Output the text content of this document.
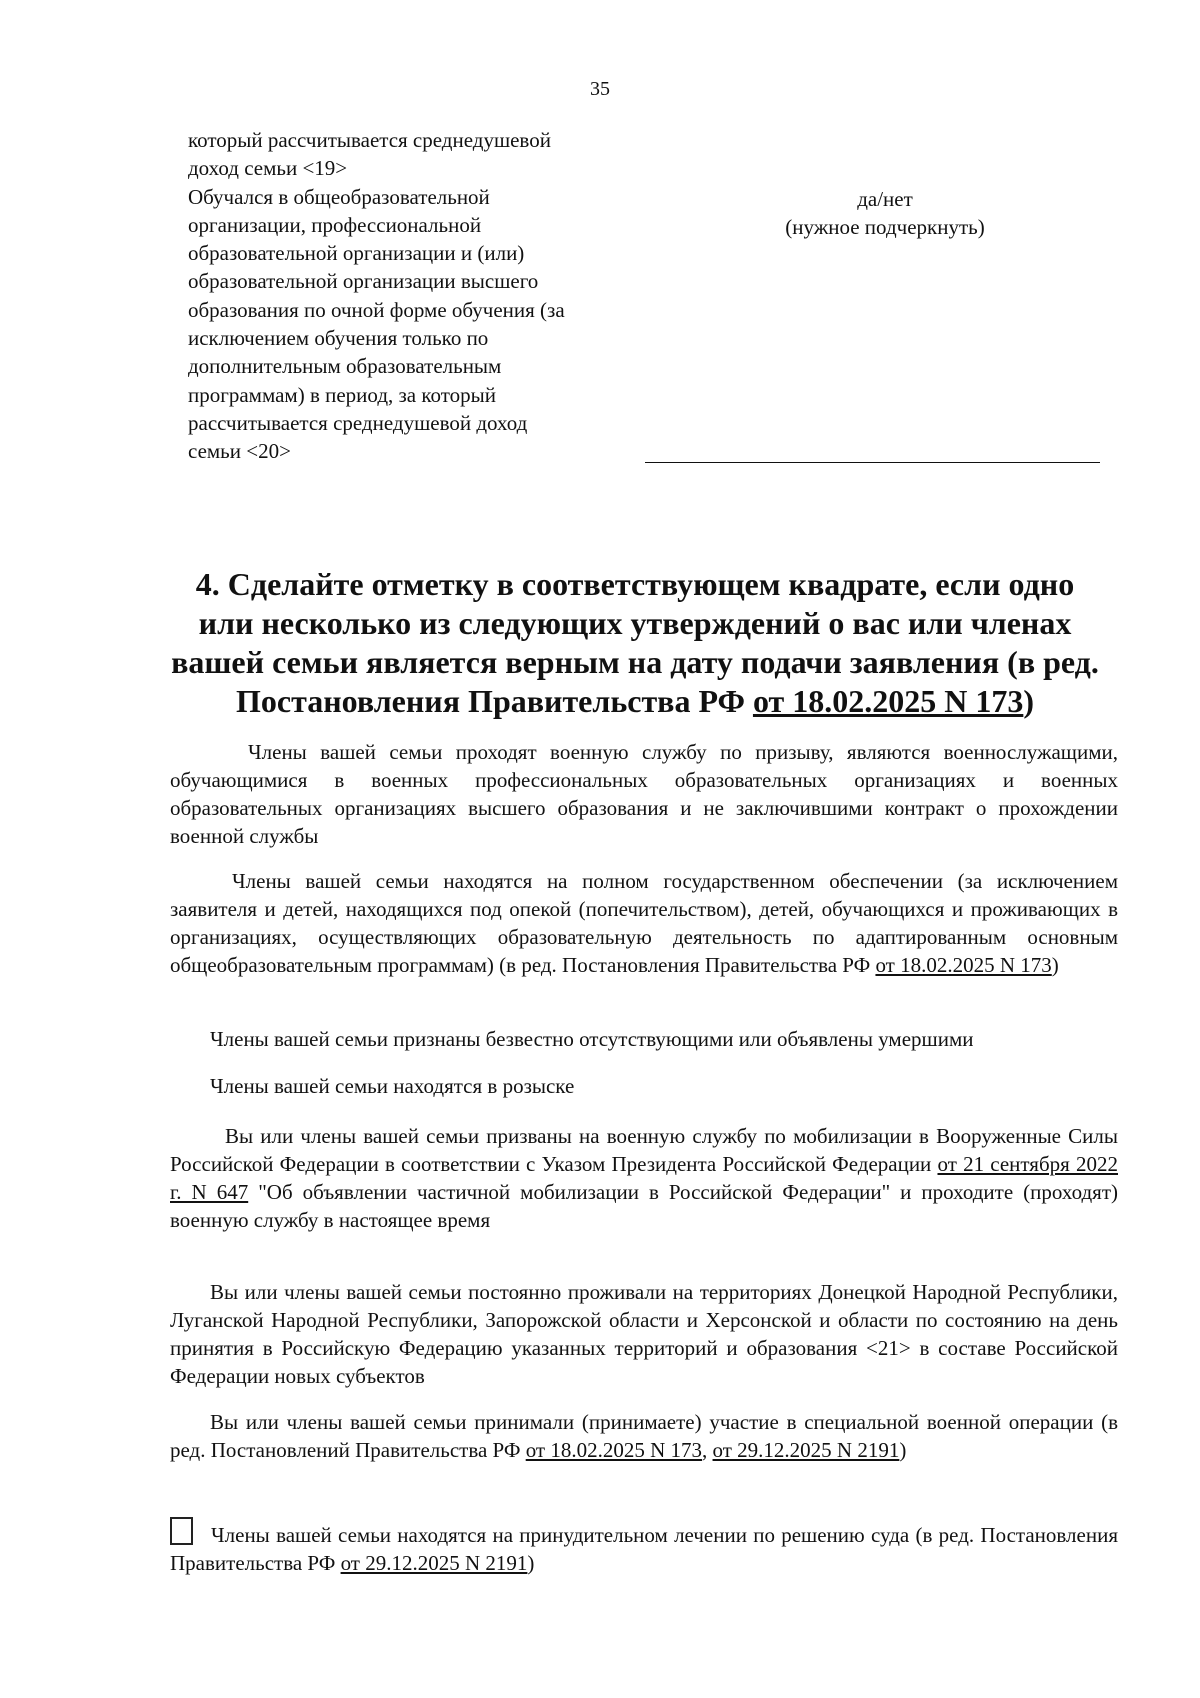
35
который рассчитывается среднедушевой
доход семьи <19>
Обучался в общеобразовательной
организации, профессиональной
образовательной организации и (или)
образовательной организации высшего
образования по очной форме обучения (за
исключением обучения только по
дополнительным образовательным
программам) в период, за который
рассчитывается среднедушевой доход
семьи <20>
да/нет
(нужное подчеркнуть)
4. Сделайте отметку в соответствующем квадрате, если одно
или несколько из следующих утверждений о вас или членах
вашей семьи является верным на дату подачи заявления (в ред.
Постановления Правительства РФ от 18.02.2025 N 173)
Члены вашей семьи проходят военную службу по призыву, являются военнослужащими, обучающимися в военных профессиональных образовательных организациях и военных образовательных организациях высшего образования и не заключившими контракт о прохождении военной службы
Члены вашей семьи находятся на полном государственном обеспечении (за исключением заявителя и детей, находящихся под опекой (попечительством), детей, обучающихся и проживающих в организациях, осуществляющих образовательную деятельность по адаптированным основным общеобразовательным программам) (в ред. Постановления Правительства РФ от 18.02.2025 N 173)
Члены вашей семьи признаны безвестно отсутствующими или объявлены умершими
Члены вашей семьи находятся в розыске
Вы или члены вашей семьи призваны на военную службу по мобилизации в Вооруженные Силы Российской Федерации в соответствии с Указом Президента Российской Федерации от 21 сентября 2022 г. N 647 "Об объявлении частичной мобилизации в Российской Федерации" и проходите (проходят) военную службу в настоящее время
Вы или члены вашей семьи постоянно проживали на территориях Донецкой Народной Республики, Луганской Народной Республики, Запорожской области и Херсонской и области по состоянию на день принятия в Российскую Федерацию указанных территорий и образования <21> в составе Российской Федерации новых субъектов
Вы или члены вашей семьи принимали (принимаете) участие в специальной военной операции (в ред. Постановлений Правительства РФ от 18.02.2025 N 173, от 29.12.2025 N 2191)
Члены вашей семьи находятся на принудительном лечении по решению суда (в ред. Постановления Правительства РФ от 29.12.2025 N 2191)
